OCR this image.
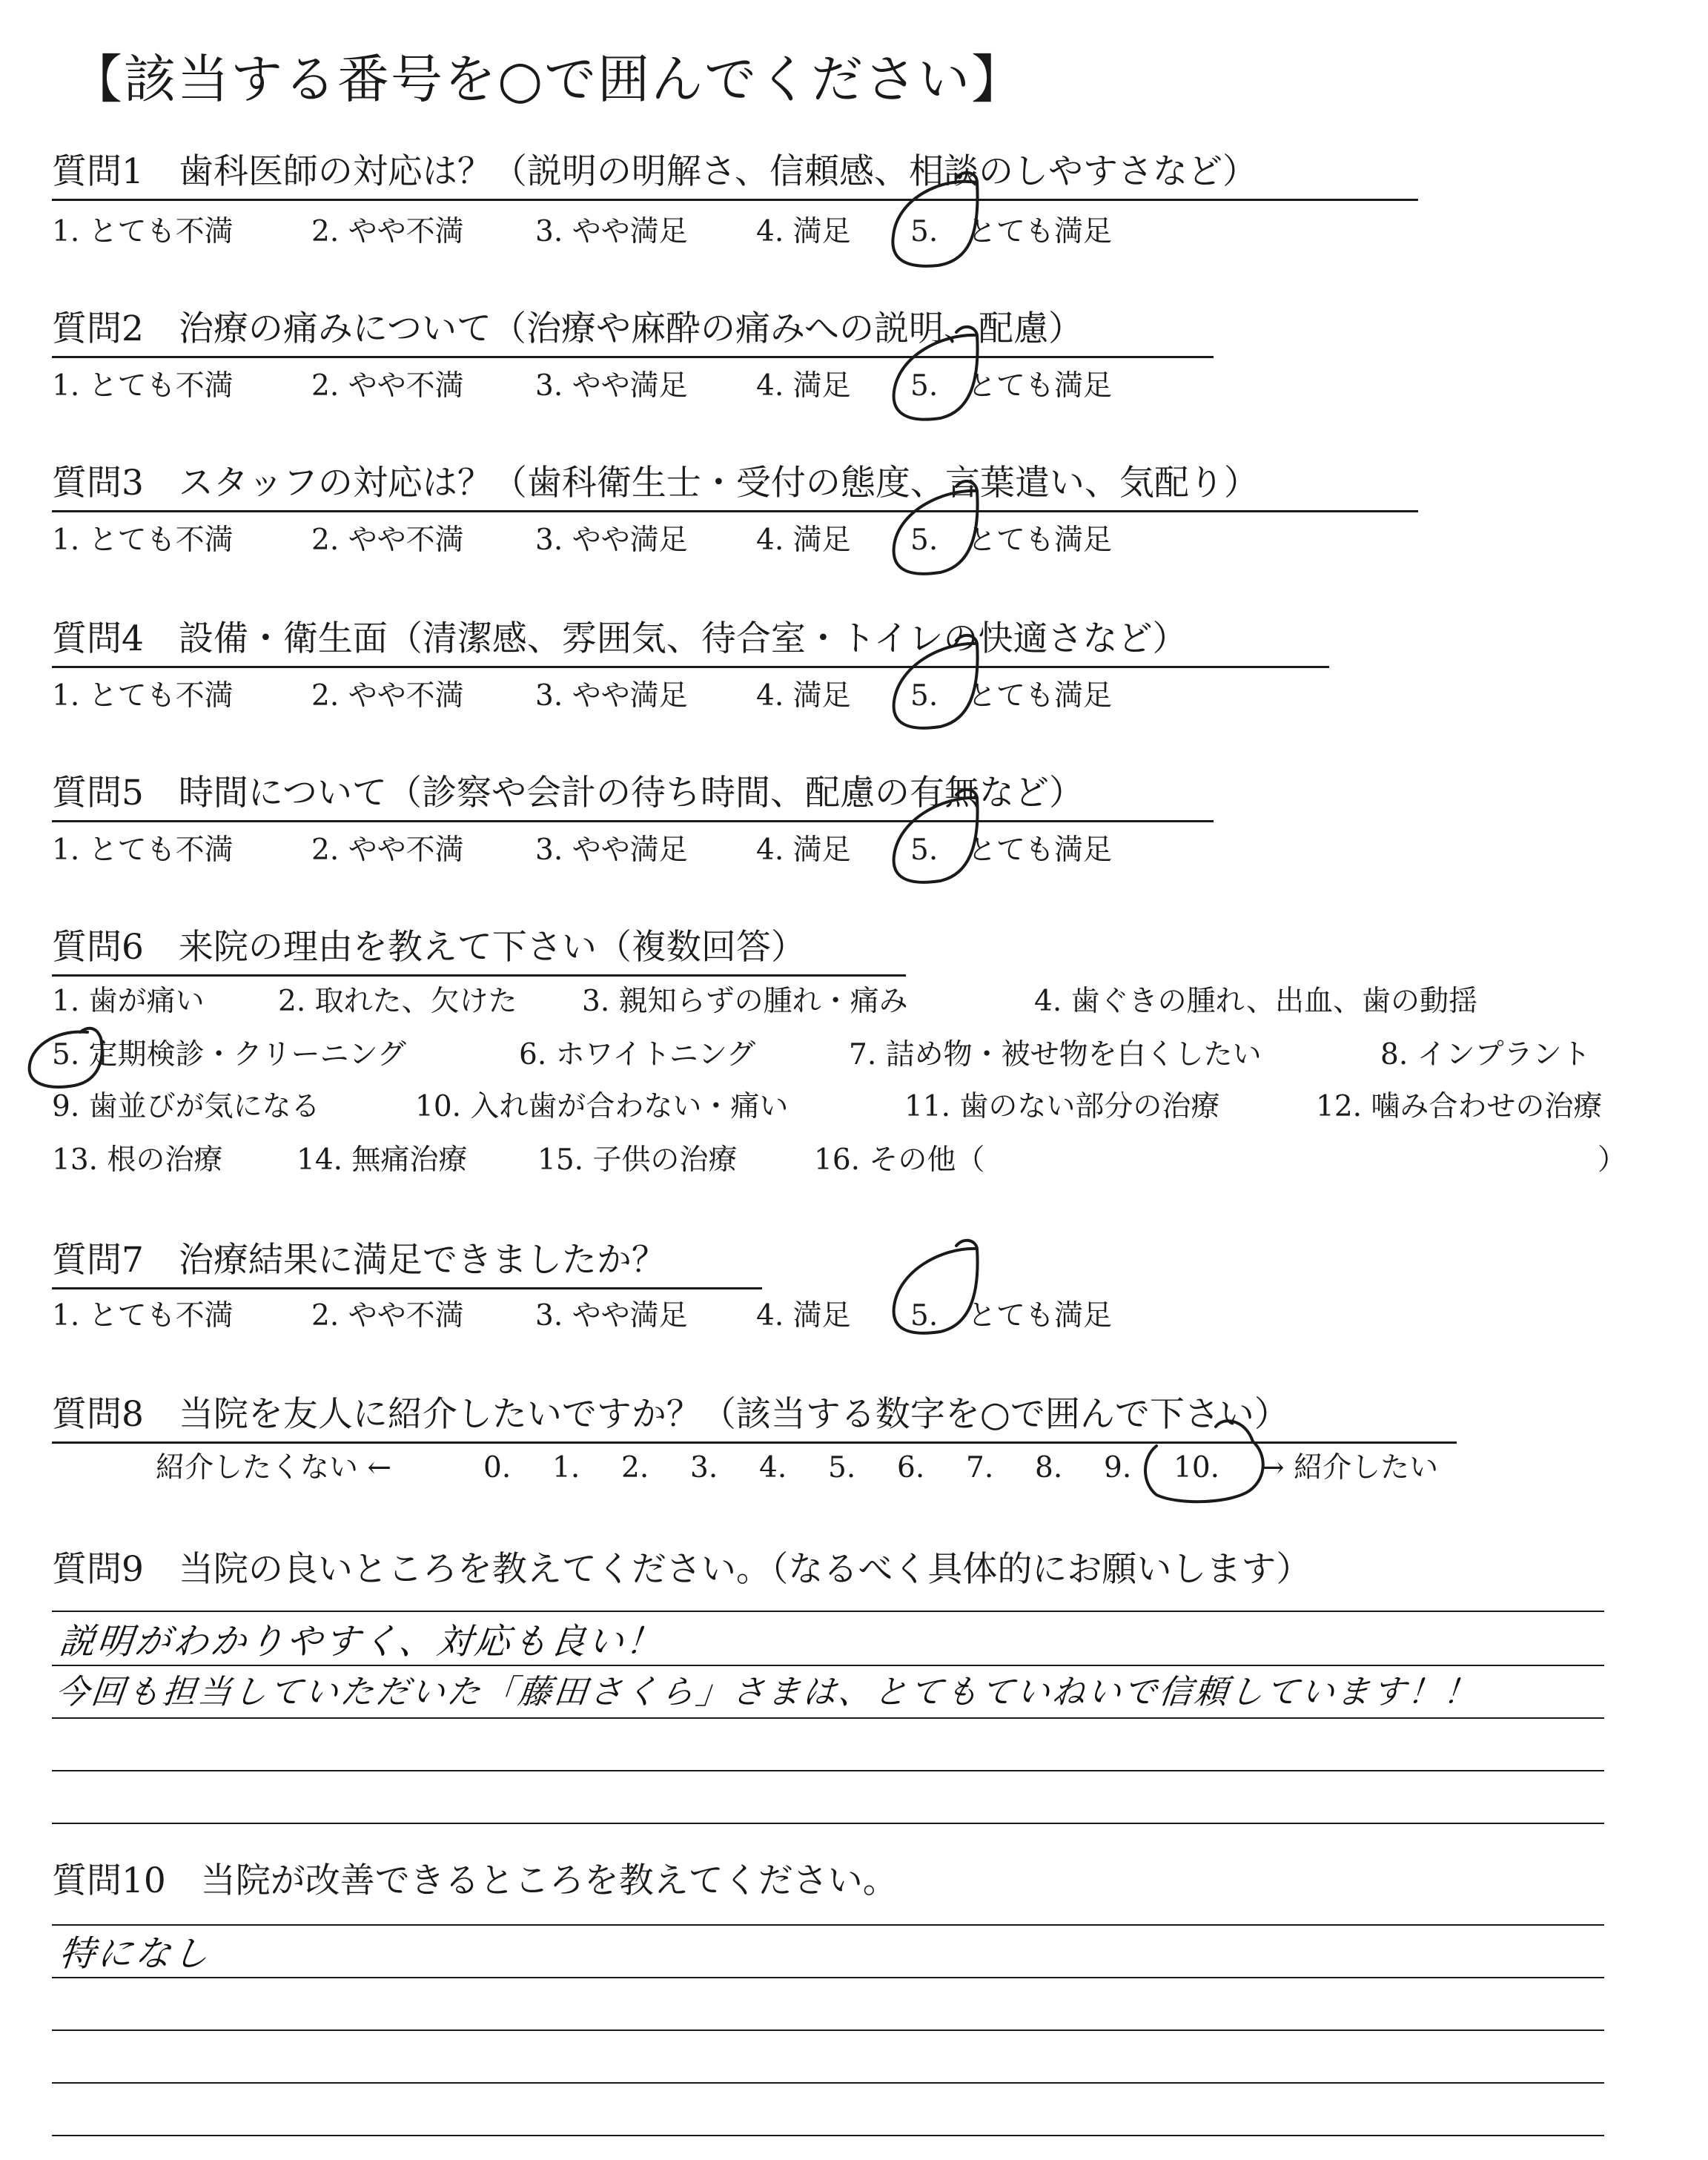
【該当する番号を○で囲んでください】
質問1　歯科医師の対応は？（説明の明解さ、信頼感、相談のしやすさなど）
1. とても不満	2. やや不満 3. やや満足 4. 満足 5. とても満足
質問2　治療の痛みについて（治療や麻酔の痛みへの説明、配慮）
1. とても不満	2. やや不満 3. やや満足 4. 満足 5. とても満足
質問3　スタッフの対応は？（歯科衛生士・受付の態度、言葉遣い、気配り）
1. とても不満	2. やや不満 3. やや満足 4. 満足 5. とても満足
質問4　設備・衛生面（清潔感、雰囲気、待合室・トイレの快適さなど）
1. とても不満	2. やや不満 3. やや満足 4. 満足 5. とても満足
質問5　時間について（診察や会計の待ち時間、配慮の有無など）
1. とても不満	2. やや不満 3. やや満足 4. 満足 5. とても満足
質問6　来院の理由を教えて下さい（複数回答）
1. 歯が痛い	2. 取れた、欠けた 3. 親知らずの腫れ・痛み	4. 歯ぐきの腫れ、出血、歯の動揺
5. 定期検診・クリーニング	6. ホワイトニング	7. 詰め物・被せ物を白くしたい	8. インプラント
9. 歯並びが気になる	10. 入れ歯が合わない・痛い	11. 歯のない部分の治療	12. 噛み合わせの治療
13. 根の治療	14. 無痛治療 15. 子供の治療	16. その他（	）
質問7　治療結果に満足できましたか？
1. とても不満	2. やや不満 3. やや満足 4. 満足 5. とても満足
質問8　当院を友人に紹介したいですか？（該当する数字を○で囲んで下さい）
紹介したくない ←	0. 1. 2. 3. 4. 5. 6. 7. 8. 9. 10. → 紹介したい
質問9　当院の良いところを教えてください。（なるべく具体的にお願いします）
説明がわかりやすく、対応も良い！
今回も担当していただいた「藤田さくら」さまは、とてもていねいで信頼しています！！
質問10　当院が改善できるところを教えてください。
特になし
